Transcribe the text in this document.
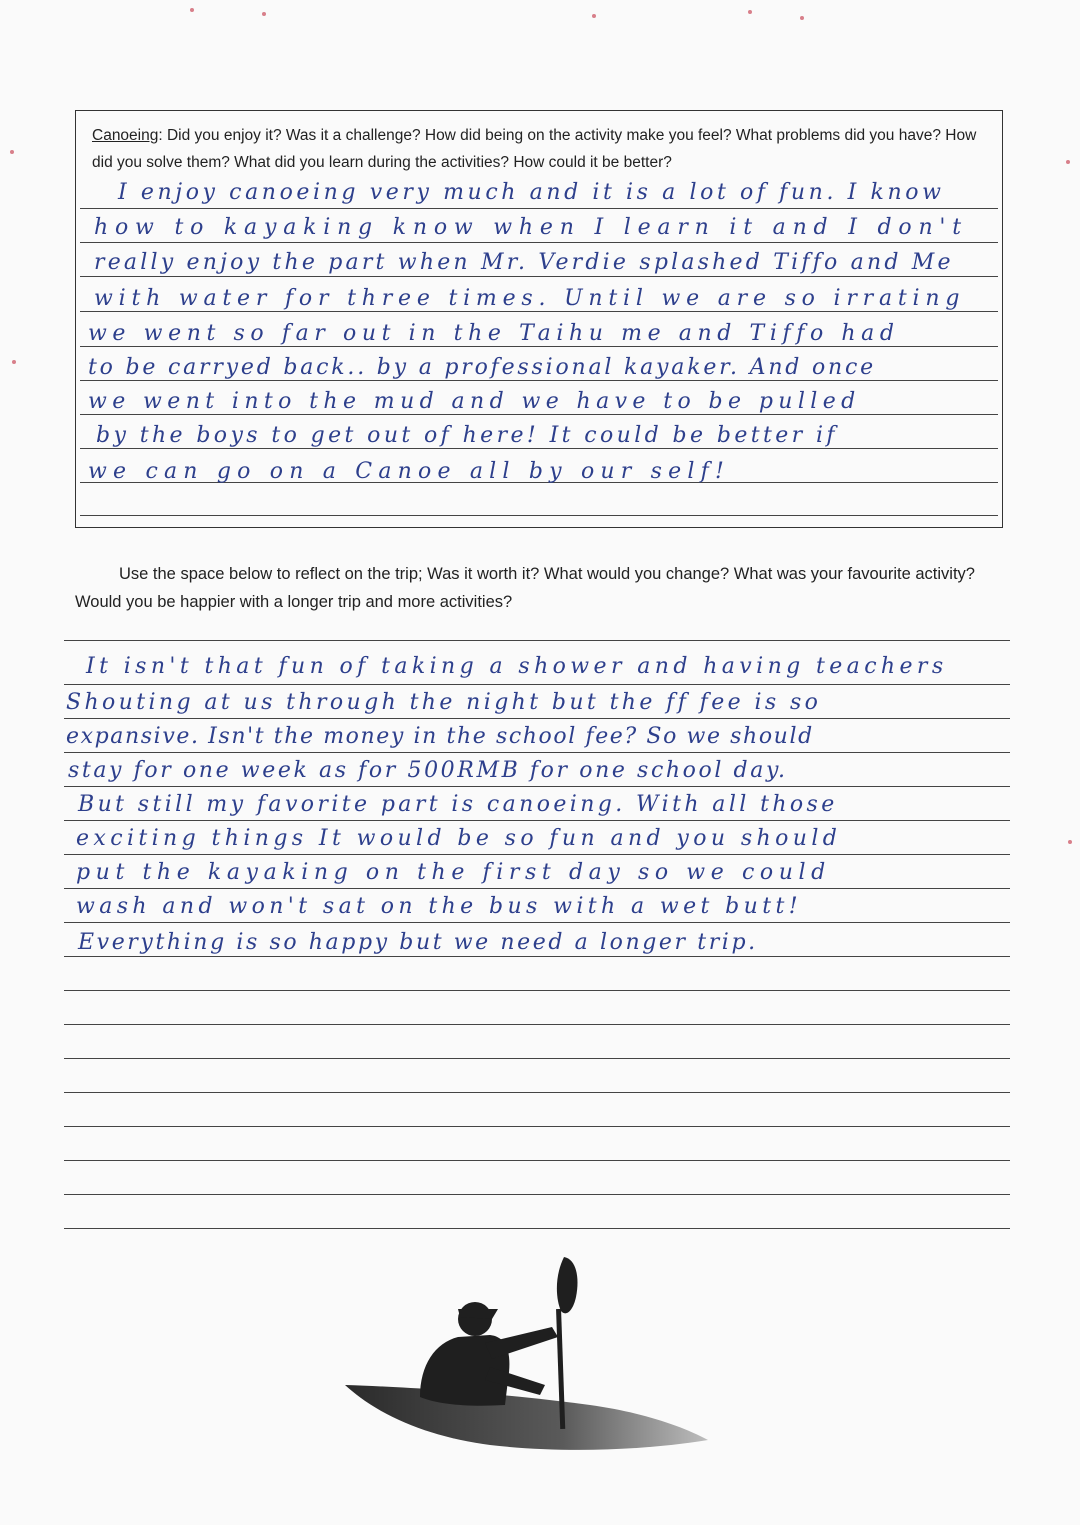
Canoeing: Did you enjoy it? Was it a challenge? How did being on the activity make you feel? What problems did you have? How did you solve them? What did you learn during the activities? How could it be better?
I enjoy canoeing very much and it is a lot of fun. I know
how to kayaking know when I learn it and I don't
really enjoy the part when Mr. Verdie splashed Tiffo and Me
with water for three times. Until we are so irrating
we went so far out in the Taihu me and Tiffo had
to be carryed back.. by a professional kayaker. And once
we went into the mud and we have to be pulled
by the boys to get out of here! It could be better if
we can go on a Canoe all by our self!
Use the space below to reflect on the trip; Was it worth it? What would you change? What was your favourite activity? Would you be happier with a longer trip and more activities?
It isn't that fun of taking a shower and having teachers
Shouting at us through the night but the ff fee is so
expansive. Isn't the money in the school fee? So we should
stay for one week as for 500RMB for one school day.
But still my favorite part is canoeing. With all those
exciting things It would be so fun and you should
put the kayaking on the first day so we could
wash and won't sat on the bus with a wet butt!
Everything is so happy but we need a longer trip.
